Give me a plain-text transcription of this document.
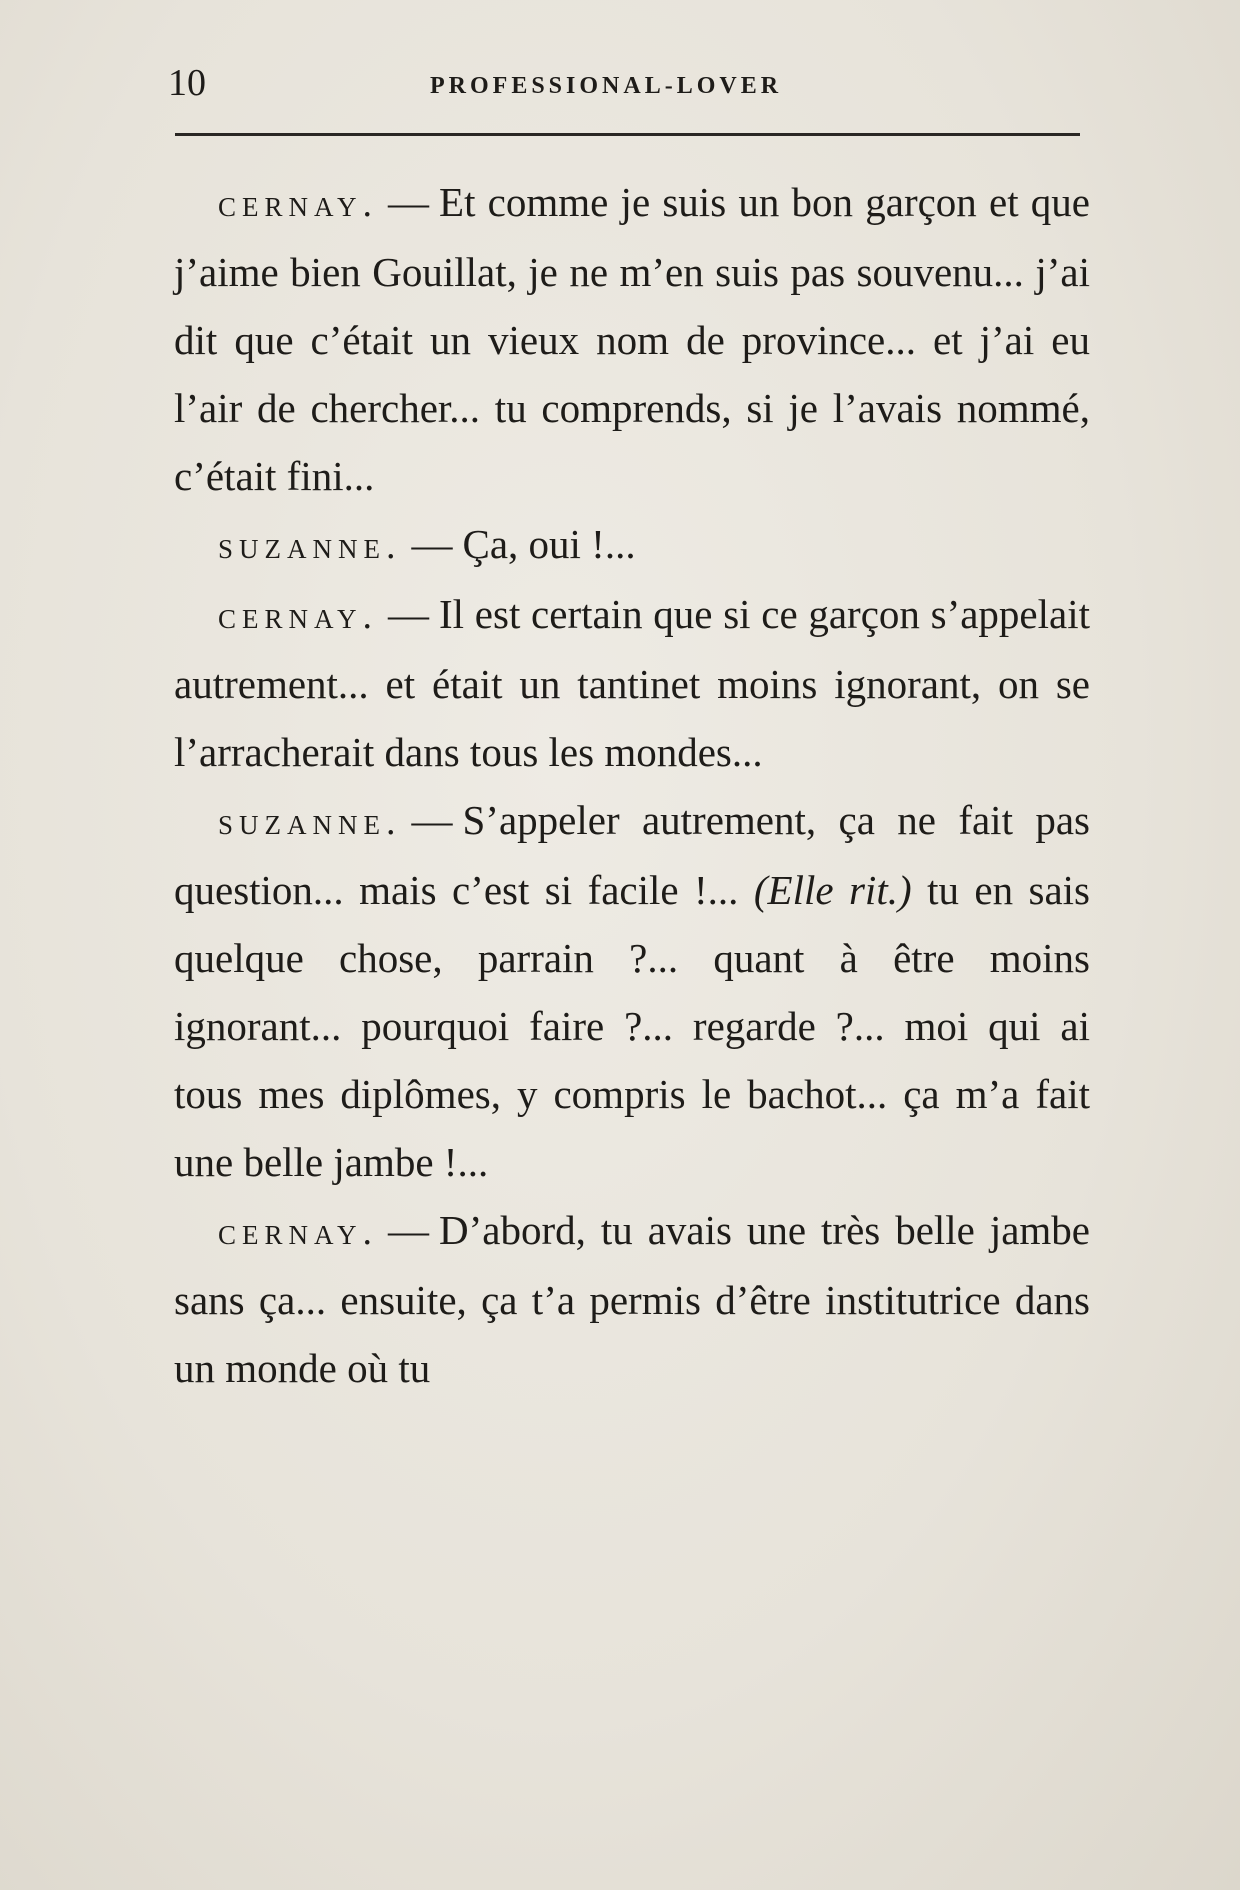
10	PROFESSIONAL-LOVER

cernay. — Et comme je suis un bon garçon et que j’aime bien Gouillat, je ne m’en suis pas souvenu... j’ai dit que c’était un vieux nom de province... et j’ai eu l’air de chercher... tu comprends, si je l’avais nommé, c’était fini...

suzanne. — Ça, oui !...

cernay. — Il est certain que si ce garçon s’appelait autrement... et était un tantinet moins ignorant, on se l’arracherait dans tous les mondes...

suzanne. — S’appeler autrement, ça ne fait pas question... mais c’est si facile !... (Elle rit.) tu en sais quelque chose, parrain ?... quant à être moins ignorant... pourquoi faire ?... regarde ?... moi qui ai tous mes diplômes, y compris le bachot... ça m’a fait une belle jambe !...

cernay. — D’abord, tu avais une très belle jambe sans ça... ensuite, ça t’a permis d’être institutrice dans un monde où tu
